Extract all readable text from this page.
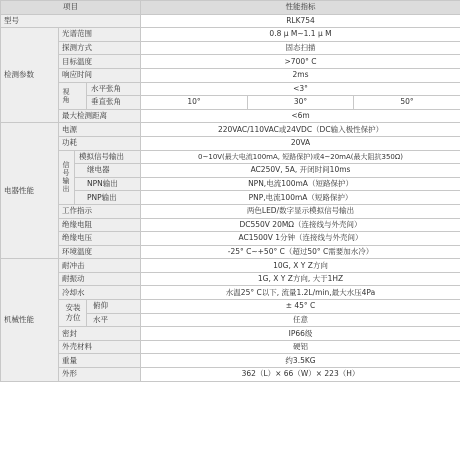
项目				性能指标		
型号				RLK754		
检测参数	光谱范围			0.8 μ M~1.1 μ M		
	探测方式			固态扫描		
	目标温度			>700° C		
	响应时间			2ms		

	视角		水平张角	<3°		
			垂直张角	10°	30°	50°
	最大检测距离			<6m		
电器性能	电源			220VAC/110VAC或24VDC（DC输入极性保护）		
	功耗			20VA		

	信号输出	模拟信号输出		0~10V(最大电流100mA, 短路保护)或4~20mA(最大阻抗350Ω)		
		继电器		AC250V, 5A, 开闭时间10ms		
		NPN输出		NPN,电流100mA（短路保护）		
		PNP输出		PNP,电流100mA（短路保护）		
	工作指示			两色LED/数字显示模拟信号输出		
	绝缘电阻			DC550V 20MΩ（连接线与外壳间）		
	绝缘电压			AC1500V 1分钟（连接线与外壳间）		
	环境温度			-25° C~+50° C（超过50° C需要加水冷）		
机械性能	耐冲击			10G, X Y Z方向		
	耐振动			1G, X Y Z方向, 大于1HZ		
	冷却水			水温25° C以下, 流量1.2L/min,最大水压4Pa		
	安装方位		俯仰	± 45° C		
			水平	任意		
	密封			IP66级		
	外壳材料			硬铝		
	重量			约3.5KG		
	外形			362（L）× 66（W）× 223（H）		
